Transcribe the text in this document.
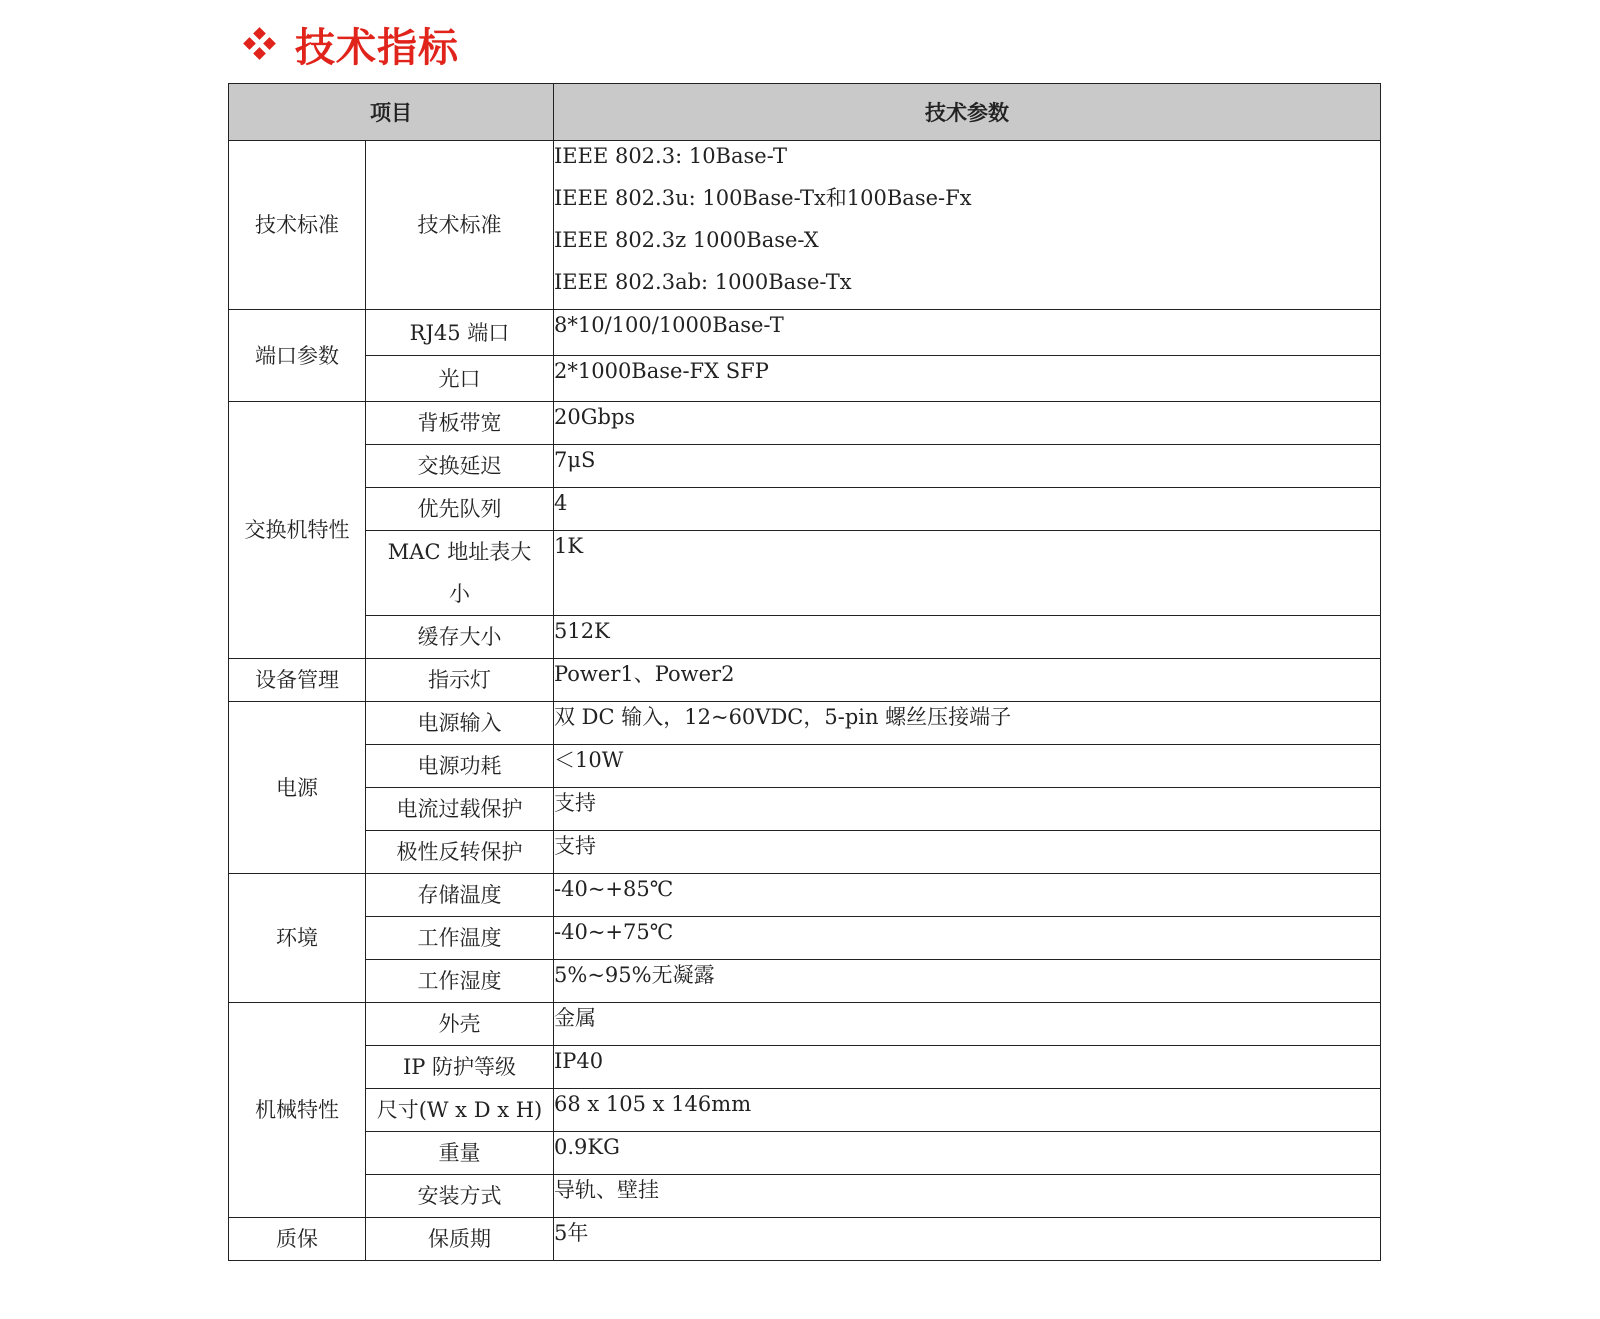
技术指标
项目		技术参数
技术标准	技术标准	IEEE 802.3: 10Base-T
IEEE 802.3u: 100Base-Tx和100Base-Fx
IEEE 802.3z 1000Base-X
IEEE 802.3ab: 1000Base-Tx

端口参数	RJ45 端口	8*10/100/1000Base-T
	光口	2*1000Base-FX SFP
交换机特性	背板带宽	20Gbps
	交换延迟	7μS
	优先队列	4
	MAC 地址表大小	1K
	缓存大小	512K
设备管理	指示灯	Power1、Power2
电源	电源输入	双 DC 输入，12~60VDC，5-pin 螺丝压接端子
	电源功耗	＜10W
	电流过载保护	支持
	极性反转保护	支持
环境	存储温度	-40~+85℃
	工作温度	-40~+75℃
	工作湿度	5%~95%无凝露
机械特性	外壳	金属
	IP 防护等级	IP40
	尺寸(W x D x H)	68 x 105 x 146mm
	重量	0.9KG
	安装方式	导轨、壁挂
质保	保质期	5年
